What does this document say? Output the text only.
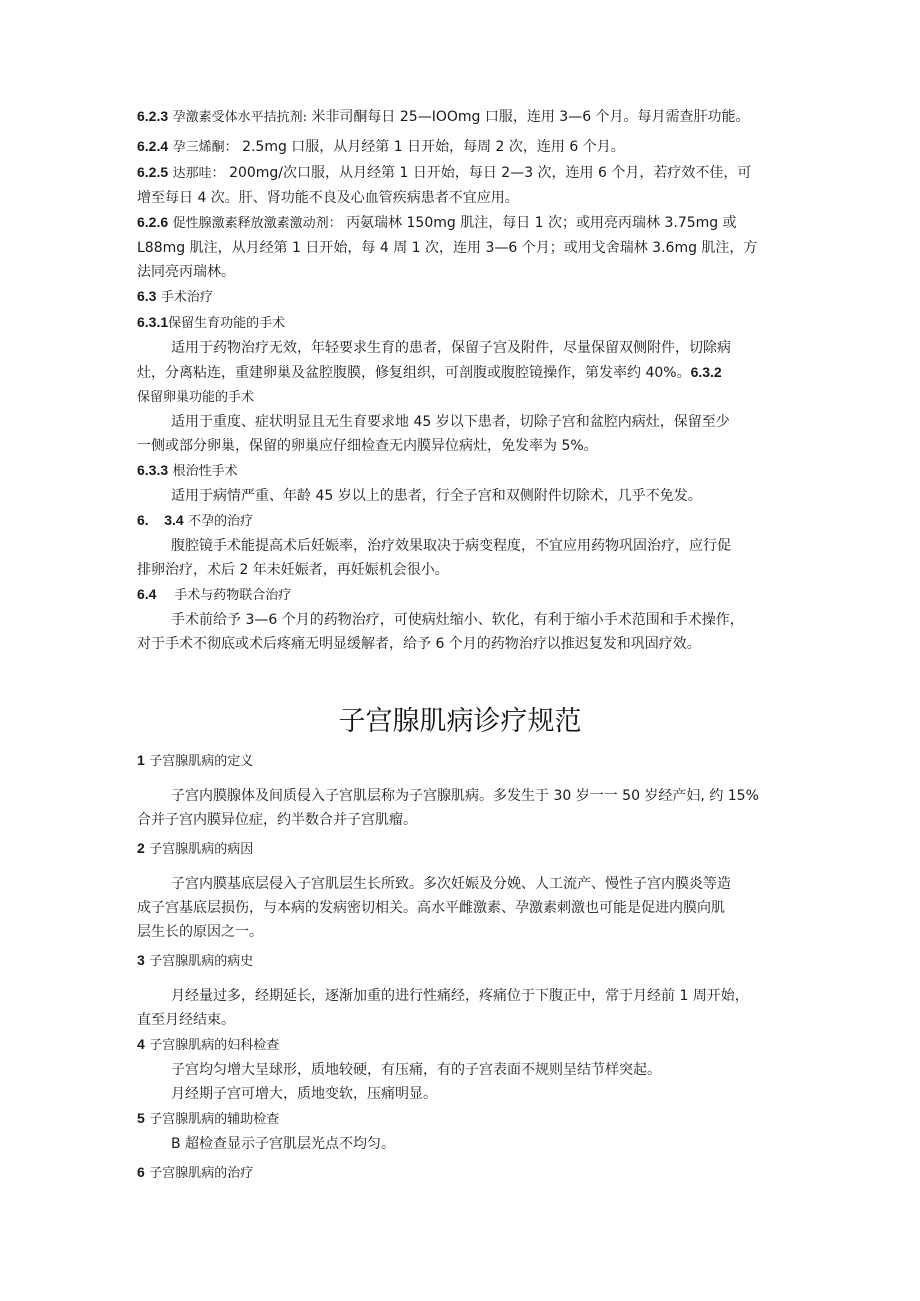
6.2.3 孕激素受体水平拮抗剂: 米非司酮每日 25—IOOmg 口服，连用 3—6 个月。每月需查肝功能。
6.2.4 孕三烯酮： 2.5mg 口服，从月经第 1 日开始，每周 2 次，连用 6 个月。
6.2.5 达那哇： 200mg/次口服，从月经第 1 日开始，每日 2—3 次，连用 6 个月，若疗效不佳，可
增至每日 4 次。肝、肾功能不良及心血管疾病患者不宜应用。
6.2.6 促性腺激素释放激素激动剂： 丙氨瑞林 150mg 肌注，每日 1 次；或用亮丙瑞林 3.75mg 或
L88mg 肌注，从月经第 1 日开始，每 4 周 1 次，连用 3—6 个月；或用戈舍瑞林 3.6mg 肌注，方
法同亮丙瑞林。
6.3 手术治疗
6.3.1保留生育功能的手术
适用于药物治疗无效，年轻要求生育的患者，保留子宫及附件，尽量保留双侧附件，切除病
灶，分离粘连，重建卵巢及盆腔腹膜，修复组织，可剖腹或腹腔镜操作，第发率约 40%。6.3.2
保留卵巢功能的手术
适用于重度、症状明显且无生育要求地 45 岁以下患者，切除子宫和盆腔内病灶，保留至少
一侧或部分卵巢，保留的卵巢应仔细检查无内膜异位病灶，免发率为 5%。
6.3.3 根治性手术
适用于病情严重、年龄 45 岁以上的患者，行全子宫和双侧附件切除术，几乎不免发。
6.    3.4 不孕的治疗
腹腔镜手术能提高术后妊娠率，治疗效果取决于病变程度，不宜应用药物巩固治疗，应行促
排卵治疗，术后 2 年未妊娠者，再妊娠机会很小。
6.4 手术与药物联合治疗
手术前给予 3—6 个月的药物治疗，可使病灶缩小、软化，有利于缩小手术范围和手术操作，
对于手术不彻底或术后疼痛无明显缓解者，给予 6 个月的药物治疗以推迟复发和巩固疗效。
子宫腺肌病诊疗规范
1 子宫腺肌病的定义
子宫内膜腺体及间质侵入子宫肌层称为子宫腺肌病。多发生于 30 岁一一 50 岁经产妇, 约 15%
合并子宫内膜异位症，约半数合并子宫肌瘤。
2 子宫腺肌病的病因
子宫内膜基底层侵入子宫肌层生长所致。多次妊娠及分娩、人工流产、慢性子宫内膜炎等造
成子宫基底层损伤，与本病的发病密切相关。高水平雌激素、孕激素刺激也可能是促进内膜向肌
层生长的原因之一。
3 子宫腺肌病的病史
月经量过多，经期延长，逐渐加重的进行性痛经，疼痛位于下腹正中，常于月经前 1 周开始，
直至月经结束。
4 子宫腺肌病的妇科检查
子宫均匀增大呈球形，质地较硬，有压痛，有的子宫表面不规则呈结节样突起。
月经期子宫可增大，质地变软，压痛明显。
5 子宫腺肌病的辅助检查
B 超检查显示子宫肌层光点不均匀。
6 子宫腺肌病的治疗
